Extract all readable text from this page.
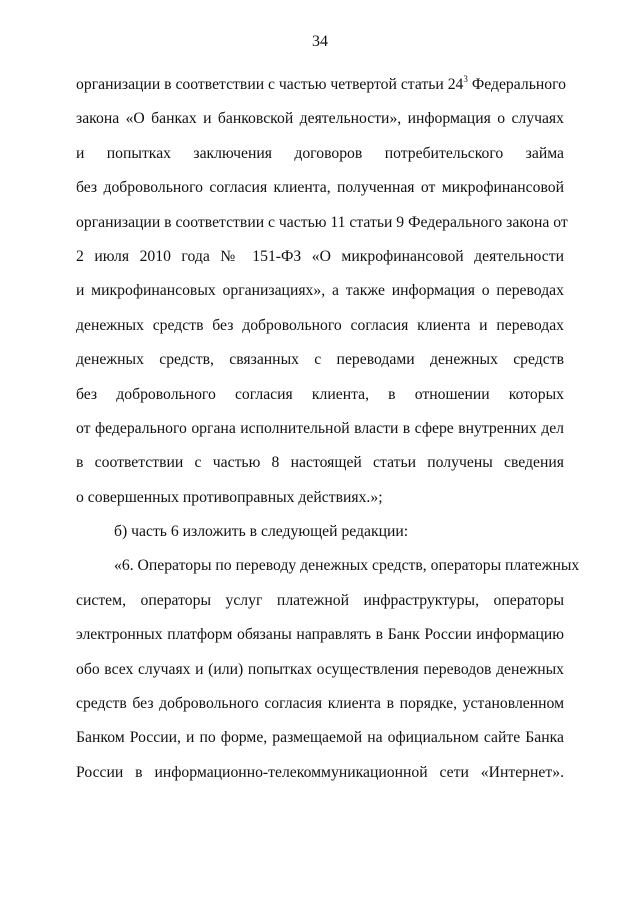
34
организации в соответствии с частью четвертой статьи $24^3$ Федерального
закона «О банках и банковской деятельности», информация о случаях
и попытках заключения договоров потребительского займа
без добровольного согласия клиента, полученная от микрофинансовой
организации в соответствии с частью 11 статьи 9 Федерального закона от
2 июля 2010 года № 151-ФЗ «О микрофинансовой деятельности
и микрофинансовых организациях», а также информация о переводах
денежных средств без добровольного согласия клиента и переводах
денежных средств, связанных с переводами денежных средств
без добровольного согласия клиента, в отношении которых
от федерального органа исполнительной власти в сфере внутренних дел
в соответствии с частью 8 настоящей статьи получены сведения
о совершенных противоправных действиях.»;
б) часть 6 изложить в следующей редакции:
«6. Операторы по переводу денежных средств, операторы платежных
систем, операторы услуг платежной инфраструктуры, операторы
электронных платформ обязаны направлять в Банк России информацию
обо всех случаях и (или) попытках осуществления переводов денежных
средств без добровольного согласия клиента в порядке, установленном
Банком России, и по форме, размещаемой на официальном сайте Банка
России в информационно-телекоммуникационной сети «Интернет».
